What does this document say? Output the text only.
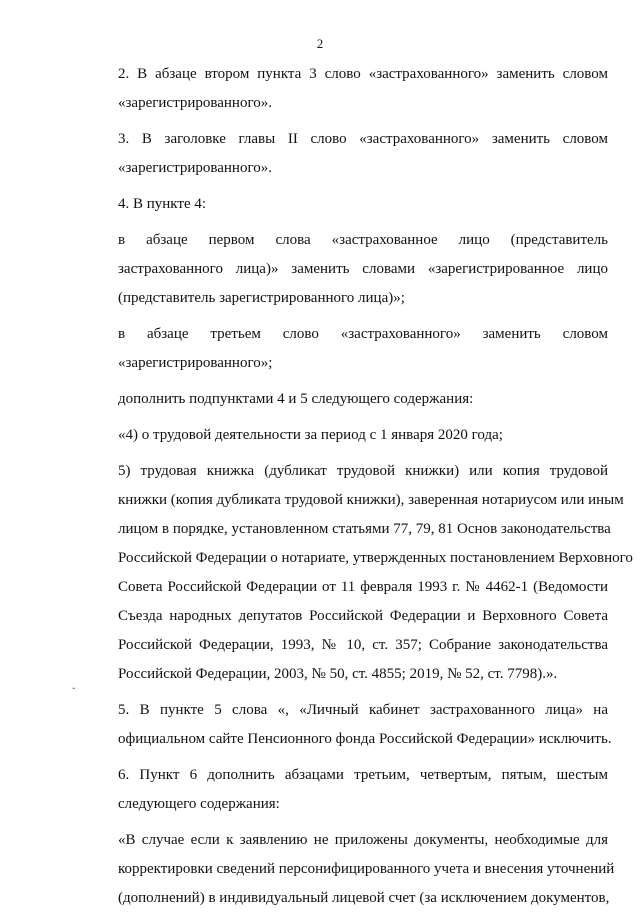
2
2. В абзаце втором пункта 3 слово «застрахованного» заменить словом
«зарегистрированного».
3. В заголовке главы II слово «застрахованного» заменить словом
«зарегистрированного».
4. В пункте 4:
в абзаце первом слова «застрахованное лицо (представитель
застрахованного лица)» заменить словами «зарегистрированное лицо
(представитель зарегистрированного лица)»;
в абзаце третьем слово «застрахованного» заменить словом
«зарегистрированного»;
дополнить подпунктами 4 и 5 следующего содержания:
«4) о трудовой деятельности за период с 1 января 2020 года;
5) трудовая книжка (дубликат трудовой книжки) или копия трудовой
книжки (копия дубликата трудовой книжки), заверенная нотариусом или иным
лицом в порядке, установленном статьями 77, 79, 81 Основ законодательства
Российской Федерации о нотариате, утвержденных постановлением Верховного
Совета Российской Федерации от 11 февраля 1993 г. № 4462-1 (Ведомости
Съезда народных депутатов Российской Федерации и Верховного Совета
Российской Федерации, 1993, № 10, ст. 357; Собрание законодательства
Российской Федерации, 2003, № 50, ст. 4855; 2019, № 52, ст. 7798).».
5. В пункте 5 слова «, «Личный кабинет застрахованного лица» на
официальном сайте Пенсионного фонда Российской Федерации» исключить.
6. Пункт 6 дополнить абзацами третьим, четвертым, пятым, шестым
следующего содержания:
«В случае если к заявлению не приложены документы, необходимые для
корректировки сведений персонифицированного учета и внесения уточнений
(дополнений) в индивидуальный лицевой счет (за исключением документов,
ˇ
